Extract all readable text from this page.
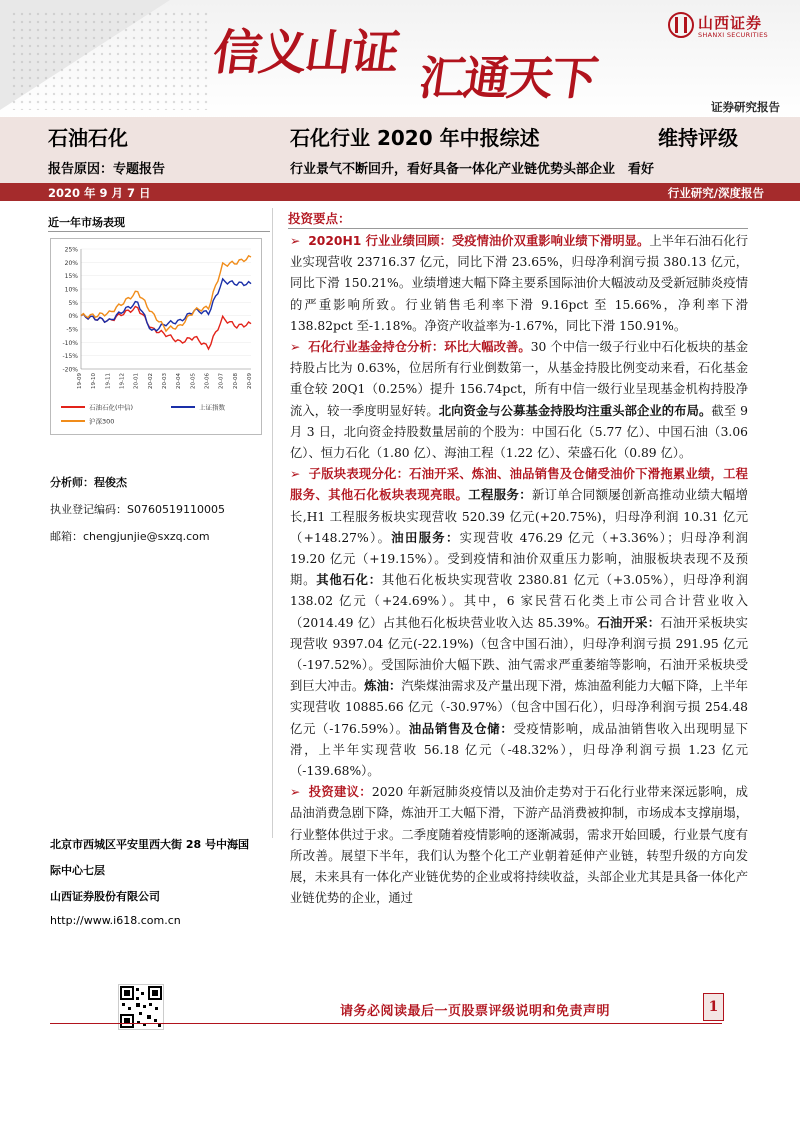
信义山证 汇通天下
山西证券
SHANXI SECURITIES
证券研究报告
石油石化	石化行业 2020 年中报综述	维持评级
报告原因：专题报告	行业景气不断回升，看好具备一体化产业链优势头部企业　看好
2020 年 9 月 7 日	行业研究/深度报告
近一年市场表现
25%
20%
15%
10%
5%
0%
-5%
-10%
-15%
-20%
19-09 19-10 19-11 19-12 20-01 20-02 20-03 20-04 20-05 20-06 20-07 20-08 20-09
石油石化(中信)	上证指数
沪深300
分析师：程俊杰
执业登记编码：S0760519110005
邮箱：chengjunjie@sxzq.com
北京市西城区平安里西大街 28 号中海国
际中心七层
山西证券股份有限公司
http://www.i618.com.cn
投资要点：

➢ 2020H1 行业业绩回顾：受疫情油价双重影响业绩下滑明显。上半年石油石化行业实现营收 23716.37 亿元，同比下滑 23.65%，归母净利润亏损 380.13 亿元，同比下滑 150.21%。业绩增速大幅下降主要系国际油价大幅波动及受新冠肺炎疫情的严重影响所致。行业销售毛利率下滑 9.16pct 至 15.66%，净利率下滑 138.82pct 至-1.18%。净资产收益率为-1.67%，同比下滑 150.91%。

➢ 石化行业基金持仓分析：环比大幅改善。30 个中信一级子行业中石化板块的基金持股占比为 0.63%，位居所有行业倒数第一，从基金持股比例变动来看，石化基金重仓较 20Q1（0.25%）提升 156.74pct，所有中信一级行业呈现基金机构持股净流入，较一季度明显好转。北向资金与公募基金持股均注重头部企业的布局。截至 9 月 3 日，北向资金持股数量居前的个股为：中国石化（5.77 亿）、中国石油（3.06 亿）、恒力石化（1.80 亿）、海油工程（1.22 亿）、荣盛石化（0.89 亿）。

➢ 子版块表现分化：石油开采、炼油、油品销售及仓储受油价下滑拖累业绩，工程服务、其他石化板块表现亮眼。工程服务：新订单合同额屡创新高推动业绩大幅增长,H1 工程服务板块实现营收 520.39 亿元(+20.75%)，归母净利润 10.31 亿元（+148.27%）。油田服务：实现营收 476.29 亿元（+3.36%）；归母净利润 19.20 亿元（+19.15%）。受到疫情和油价双重压力影响，油服板块表现不及预期。其他石化：其他石化板块实现营收 2380.81 亿元（+3.05%），归母净利润 138.02 亿元（+24.69%）。其中，6 家民营石化类上市公司合计营业收入（2014.49 亿）占其他石化板块营业收入达 85.39%。石油开采：石油开采板块实现营收 9397.04 亿元(-22.19%)（包含中国石油），归母净利润亏损 291.95 亿元（-197.52%）。受国际油价大幅下跌、油气需求严重萎缩等影响，石油开采板块受到巨大冲击。炼油：汽柴煤油需求及产量出现下滑，炼油盈利能力大幅下降，上半年实现营收 10885.66 亿元（-30.97%）（包含中国石化），归母净利润亏损 254.48 亿元（-176.59%）。油品销售及仓储：受疫情影响，成品油销售收入出现明显下滑，上半年实现营收 56.18 亿元（-48.32%），归母净利润亏损 1.23 亿元（-139.68%）。

➢ 投资建议：2020 年新冠肺炎疫情以及油价走势对于石化行业带来深远影响，成品油消费急剧下降，炼油开工大幅下滑，下游产品消费被抑制，市场成本支撑崩塌，行业整体供过于求。二季度随着疫情影响的逐渐减弱，需求开始回暖，行业景气度有所改善。展望下半年，我们认为整个化工产业朝着延伸产业链，转型升级的方向发展，未来具有一体化产业链优势的企业或将持续收益，头部企业尤其是具备一体化产业链优势的企业，通过

请务必阅读最后一页股票评级说明和免责声明	1
